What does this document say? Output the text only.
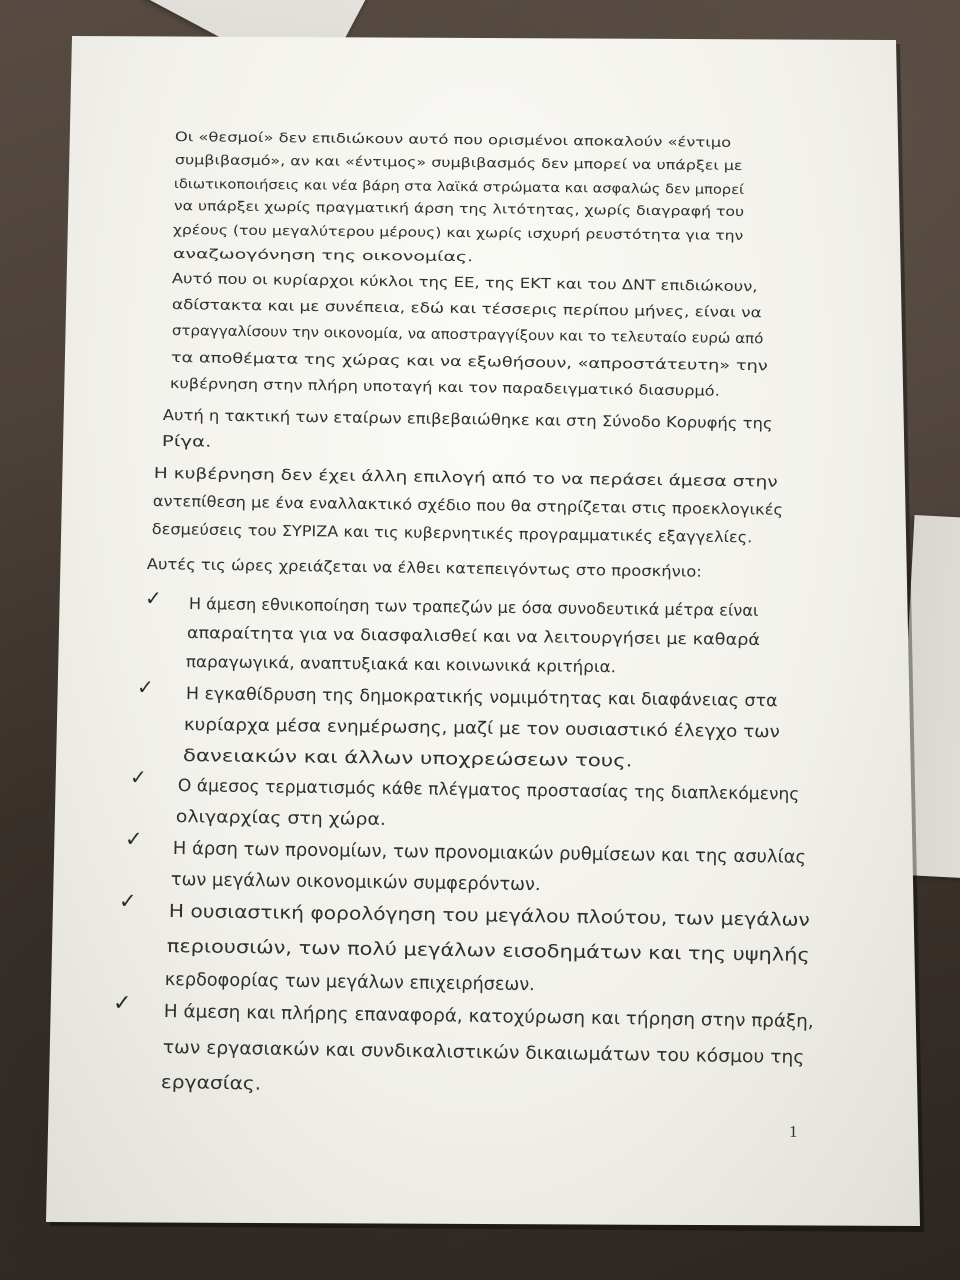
Οι «θεσμοί» δεν επιδιώκουν αυτό που ορισμένοι αποκαλούν «έντιμο
συμβιβασμό», αν και «έντιμος» συμβιβασμός δεν μπορεί να υπάρξει με
ιδιωτικοποιήσεις και νέα βάρη στα λαϊκά στρώματα και ασφαλώς δεν μπορεί
να υπάρξει χωρίς πραγματική άρση της λιτότητας, χωρίς διαγραφή του
χρέους (του μεγαλύτερου μέρους) και χωρίς ισχυρή ρευστότητα για την
αναζωογόνηση της οικονομίας.
Αυτό που οι κυρίαρχοι κύκλοι της ΕΕ, της ΕΚΤ και του ΔΝΤ επιδιώκουν,
αδίστακτα και με συνέπεια, εδώ και τέσσερις περίπου μήνες, είναι να
στραγγαλίσουν την οικονομία, να αποστραγγίξουν και το τελευταίο ευρώ από
τα αποθέματα της χώρας και να εξωθήσουν, «απροστάτευτη» την
κυβέρνηση στην πλήρη υποταγή και τον παραδειγματικό διασυρμό.
Αυτή η τακτική των εταίρων επιβεβαιώθηκε και στη Σύνοδο Κορυφής της
Ρίγα.
Η κυβέρνηση δεν έχει άλλη επιλογή από το να περάσει άμεσα στην
αντεπίθεση με ένα εναλλακτικό σχέδιο που θα στηρίζεται στις προεκλογικές
δεσμεύσεις του ΣΥΡΙΖΑ και τις κυβερνητικές προγραμματικές εξαγγελίες.
Αυτές τις ώρες χρειάζεται να έλθει κατεπειγόντως στο προσκήνιο:
✓ Η άμεση εθνικοποίηση των τραπεζών με όσα συνοδευτικά μέτρα είναι
απαραίτητα για να διασφαλισθεί και να λειτουργήσει με καθαρά
παραγωγικά, αναπτυξιακά και κοινωνικά κριτήρια.
✓ Η εγκαθίδρυση της δημοκρατικής νομιμότητας και διαφάνειας στα
κυρίαρχα μέσα ενημέρωσης, μαζί με τον ουσιαστικό έλεγχο των
δανειακών και άλλων υποχρεώσεων τους.
✓ Ο άμεσος τερματισμός κάθε πλέγματος προστασίας της διαπλεκόμενης
ολιγαρχίας στη χώρα.
✓ Η άρση των προνομίων, των προνομιακών ρυθμίσεων και της ασυλίας
των μεγάλων οικονομικών συμφερόντων.
✓ Η ουσιαστική φορολόγηση του μεγάλου πλούτου, των μεγάλων
περιουσιών, των πολύ μεγάλων εισοδημάτων και της υψηλής
κερδοφορίας των μεγάλων επιχειρήσεων.
✓ Η άμεση και πλήρης επαναφορά, κατοχύρωση και τήρηση στην πράξη,
των εργασιακών και συνδικαλιστικών δικαιωμάτων του κόσμου της
εργασίας.
1
